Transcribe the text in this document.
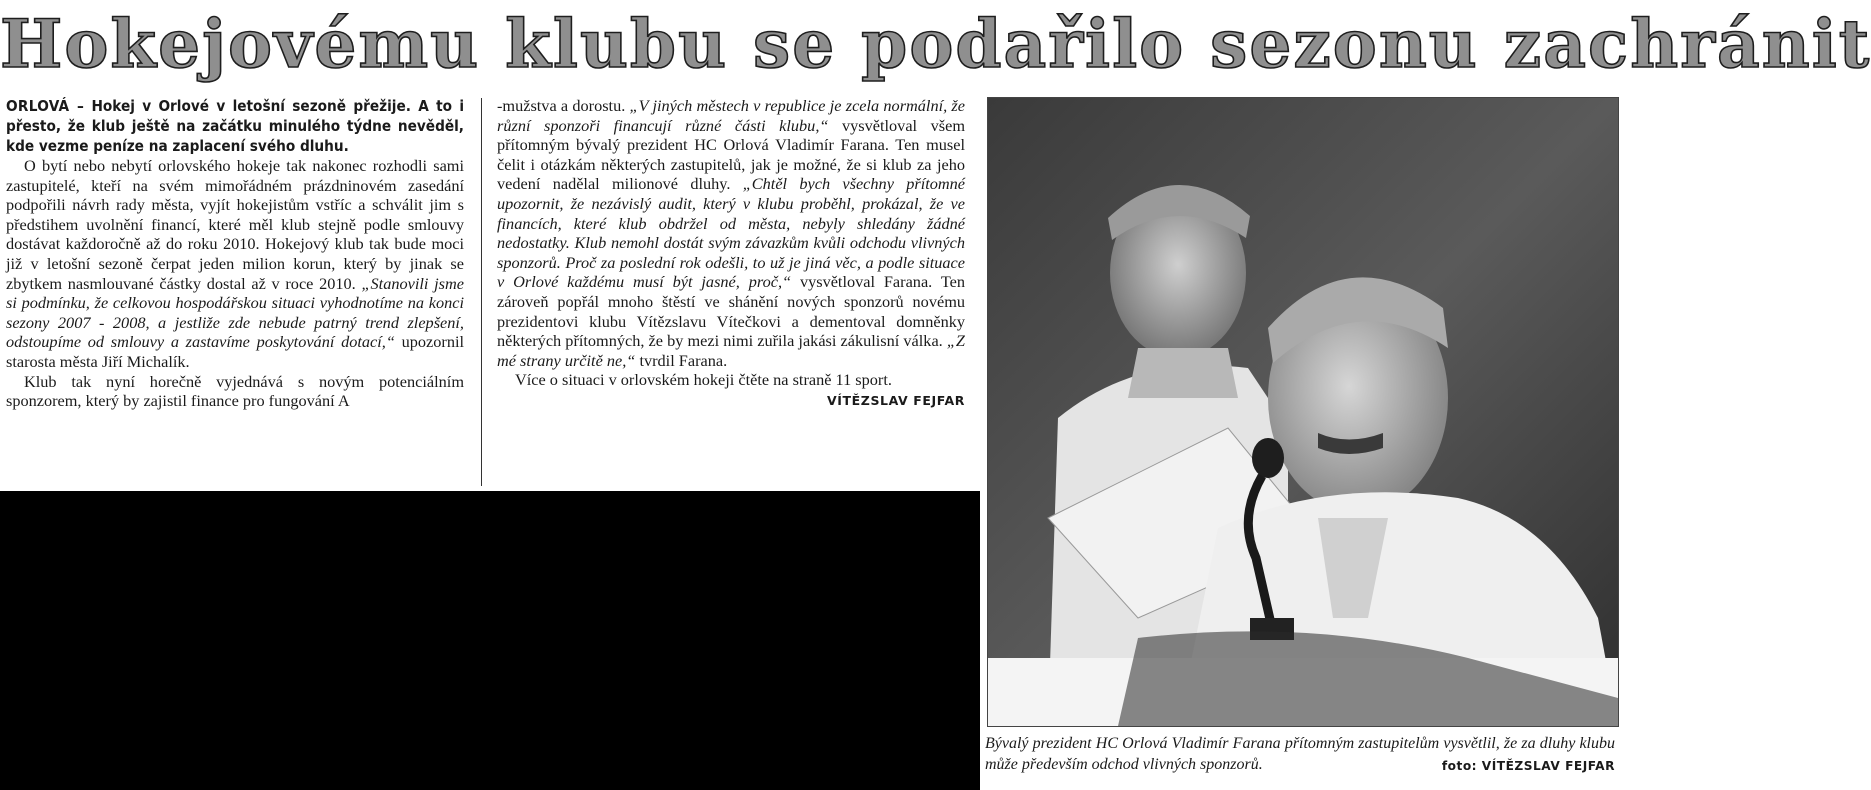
Hokejovému klubu se podařilo sezonu zachránit
ORLOVÁ – Hokej v Orlové v letošní sezoně přežije. A to i přesto, že klub ještě na začátku minulého týdne nevěděl, kde vezme peníze na zaplacení svého dluhu.

O bytí nebo nebytí orlovského hokeje tak nakonec rozhodli sami zastupitelé, kteří na svém mimořádném prázdninovém zasedání podpořili návrh rady města, vyjít hokejistům vstříc a schválit jim s předstihem uvolnění financí, které měl klub stejně podle smlouvy dostávat každoročně až do roku 2010. Hokejový klub tak bude moci již v letošní sezoně čerpat jeden milion korun, který by jinak se zbytkem nasmlouvané částky dostal až v roce 2010. „Stanovili jsme si podmínku, že celkovou hospodářskou situaci vyhodnotíme na konci sezony 2007 - 2008, a jestliže zde nebude patrný trend zlepšení, odstoupíme od smlouvy a zastavíme poskytování dotací,“ upozornil starosta města Jiří Michalík.

Klub tak nyní horečně vyjednává s novým potenciálním sponzorem, který by zajistil finance pro fungování A

-mužstva a dorostu. „V jiných městech v republice je zcela normální, že různí sponzoři financují různé části klubu,“ vysvětloval všem přítomným bývalý prezident HC Orlová Vladimír Farana. Ten musel čelit i otázkám některých zastupitelů, jak je možné, že si klub za jeho vedení nadělal milionové dluhy. „Chtěl bych všechny přítomné upozornit, že nezávislý audit, který v klubu proběhl, prokázal, že ve financích, které klub obdržel od města, nebyly shledány žádné nedostatky. Klub nemohl dostát svým závazkům kvůli odchodu vlivných sponzorů. Proč za poslední rok odešli, to už je jiná věc, a podle situace v Orlové každému musí být jasné, proč,“ vysvětloval Farana. Ten zároveň popřál mnoho štěstí ve shánění nových sponzorů novému prezidentovi klubu Vítězslavu Vítečkovi a dementoval domněnky některých přítomných, že by mezi nimi zuřila jakási zákulisní válka. „Z mé strany určitě ne,“ tvrdil Farana.

Více o situaci v orlovském hokeji čtěte na straně 11 sport.
VÍTĚZSLAV FEJFAR

Bývalý prezident HC Orlová Vladimír Farana přítomným zastupitelům vysvětlil, že za dluhy klubu může především odchod vlivných sponzorů.	foto: VÍTĚZSLAV FEJFAR
